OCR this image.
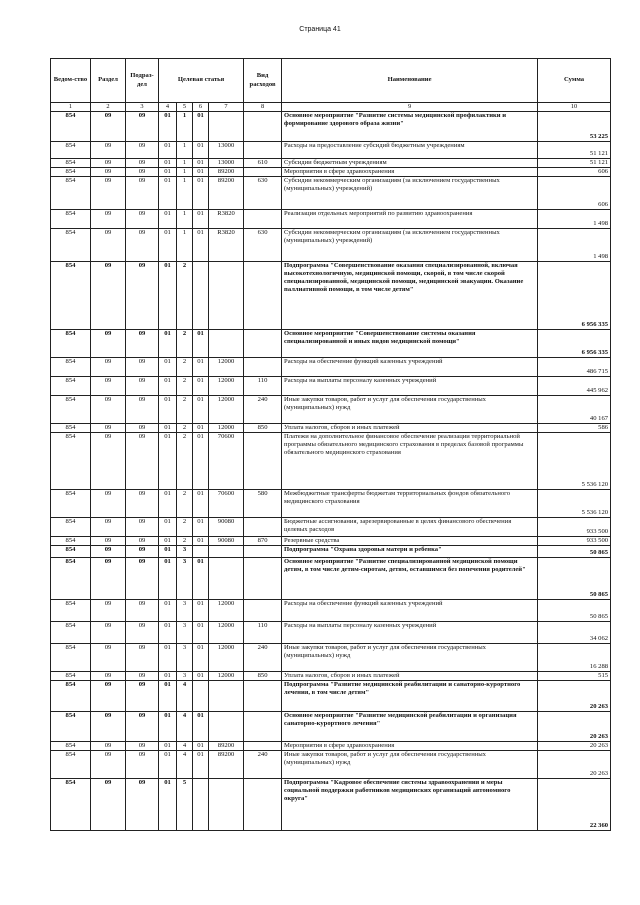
Страница 41
Ведом-ство	Раздел	Подраз-дел	Целевая статья				Вид расходов	Наименование	Сумма
1	2	3	4	5	6	7	8	9	10
854	09	09	01	1	01			Основное мероприятие "Развитие системы медицинской профилактики и формирование здорового образа жизни"	53 225
854	09	09	01	1	01	13000		Расходы на предоставление субсидий бюджетным учреждениям	51 121
854	09	09	01	1	01	13000	610	Субсидии бюджетным учреждениям	51 121
854	09	09	01	1	01	89200		Мероприятия в сфере здравоохранения	606
854	09	09	01	1	01	89200	630	Субсидии некоммерческим организациям (за исключением государственных (муниципальных) учреждений)	606
854	09	09	01	1	01	R3820		Реализация отдельных мероприятий по развитию здравоохранения	1 498
854	09	09	01	1	01	R3820	630	Субсидии некоммерческим организациям (за исключением государственных (муниципальных) учреждений)	1 498
854	09	09	01	2				Подпрограмма "Совершенствование оказания специализированной, включая высокотехнологичную, медицинской помощи, скорой, в том числе скорой специализированной, медицинской помощи, медицинской эвакуации. Оказание паллиативной помощи, в том числе детям"	6 956 335
854	09	09	01	2	01			Основное мероприятие "Совершенствование системы оказания специализированной и иных видов медицинской помощи"	6 956 335
854	09	09	01	2	01	12000		Расходы на обеспечение функций казенных учреждений	486 715
854	09	09	01	2	01	12000	110	Расходы на выплаты персоналу казенных учреждений	445 962
854	09	09	01	2	01	12000	240	Иные закупки товаров, работ и услуг для обеспечения государственных (муниципальных) нужд	40 167
854	09	09	01	2	01	12000	850	Уплата налогов, сборов и иных платежей	586
854	09	09	01	2	01	70600		Платежи на дополнительное финансовое обеспечение реализации территориальной программы обязательного медицинского страхования в пределах базовой программы обязательного медицинского страхования	5 536 120
854	09	09	01	2	01	70600	580	Межбюджетные трансферты бюджетам территориальных фондов обязательного медицинского страхования	5 536 120
854	09	09	01	2	01	90080		Бюджетные ассигнования, зарезервированные в целях финансового обеспечения целевых расходов	933 500
854	09	09	01	2	01	90080	870	Резервные средства	933 500
854	09	09	01	3				Подпрограмма "Охрана здоровья матери и ребенка"	50 865
854	09	09	01	3	01			Основное мероприятие "Развитие специализированной медицинской помощи детям, в том числе детям-сиротам, детям, оставшимся без попечения родителей"	50 865
854	09	09	01	3	01	12000		Расходы на обеспечение функций казенных учреждений	50 865
854	09	09	01	3	01	12000	110	Расходы на выплаты персоналу казенных учреждений	34 062
854	09	09	01	3	01	12000	240	Иные закупки товаров, работ и услуг для обеспечения государственных (муниципальных) нужд	16 288
854	09	09	01	3	01	12000	850	Уплата налогов, сборов и иных платежей	515
854	09	09	01	4				Подпрограмма "Развитие медицинской реабилитации и санаторно-курортного лечения, в том числе детям"	20 263
854	09	09	01	4	01			Основное мероприятие "Развитие медицинской реабилитации и организация санаторно-курортного лечения"	20 263
854	09	09	01	4	01	89200		Мероприятия в сфере здравоохранения	20 263
854	09	09	01	4	01	89200	240	Иные закупки товаров, работ и услуг для обеспечения государственных (муниципальных) нужд	20 263
854	09	09	01	5				Подпрограмма "Кадровое обеспечение системы здравоохранения и меры социальной поддержки работников медицинских организаций автономного округа"	22 360
